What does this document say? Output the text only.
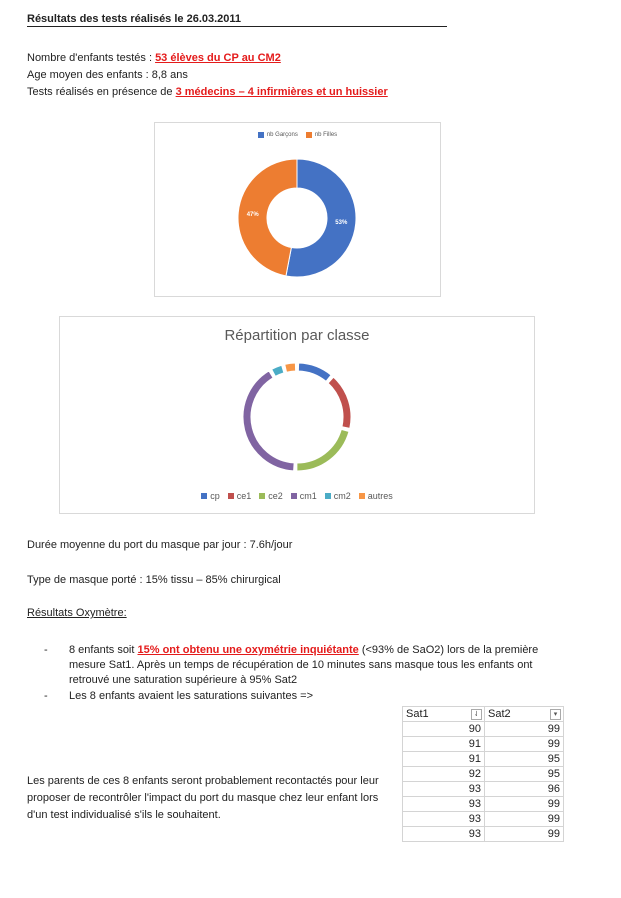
Résultats des tests réalisés le 26.03.2011
Nombre d'enfants testés : 53 élèves du CP au CM2
Age moyen des enfants : 8,8 ans
Tests réalisés en présence de 3 médecins – 4 infirmières et un huissier
nb Garçons	nb Filles
53%
47%
Répartition par classe
cp ce1 ce2 cm1 cm2 autres
Durée moyenne du port du masque par jour : 7.6h/jour
Type de masque porté : 15% tissu – 85% chirurgical
Résultats Oxymètre:
- 8 enfants soit 15% ont obtenu une oxymétrie inquiétante (<93% de SaO2) lors de la première mesure Sat1. Après un temps de récupération de 10 minutes sans masque tous les enfants ont retrouvé une saturation supérieure à 95% Sat2
- Les 8 enfants avaient les saturations suivantes =>
Les parents de ces 8 enfants seront probablement recontactés pour leur proposer de recontrôler l'impact du port du masque chez leur enfant lors d'un test individualisé s'ils le souhaitent.
Sat1 ⇃	Sat2 ▾

90	99
91	99
91	95
92	95
93	96
93	99
93	99
93	99
